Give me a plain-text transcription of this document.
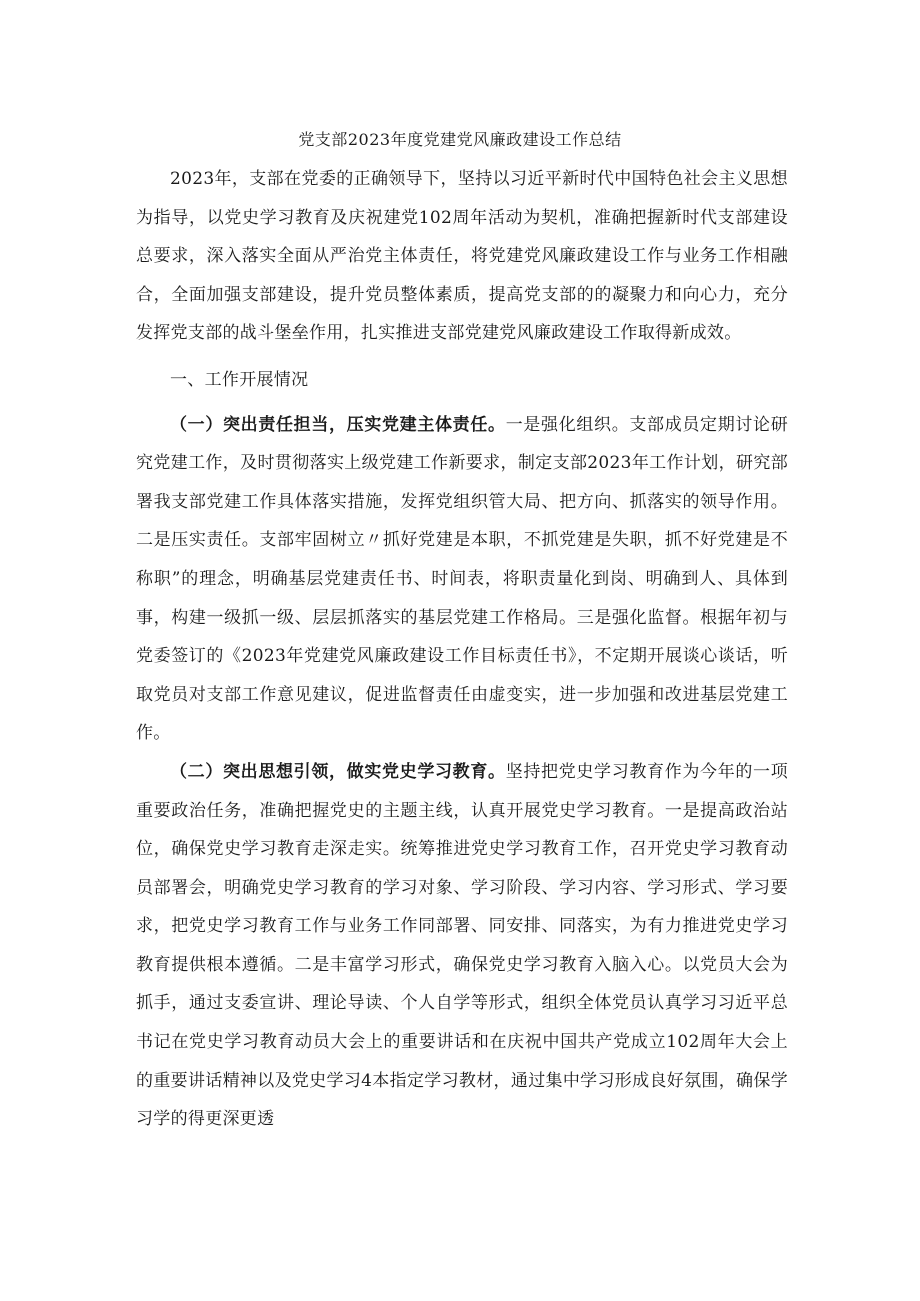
党支部2023年度党建党风廉政建设工作总结

2023年，支部在党委的正确领导下，坚持以习近平新时代中国特色社会主义思想为指导，以党史学习教育及庆祝建党102周年活动为契机，准确把握新时代支部建设总要求，深入落实全面从严治党主体责任，将党建党风廉政建设工作与业务工作相融合，全面加强支部建设，提升党员整体素质，提高党支部的的凝聚力和向心力，充分发挥党支部的战斗堡垒作用，扎实推进支部党建党风廉政建设工作取得新成效。

一、工作开展情况

（一）突出责任担当，压实党建主体责任。一是强化组织。支部成员定期讨论研究党建工作，及时贯彻落实上级党建工作新要求，制定支部2023年工作计划，研究部署我支部党建工作具体落实措施，发挥党组织管大局、把方向、抓落实的领导作用。二是压实责任。支部牢固树立〃抓好党建是本职，不抓党建是失职，抓不好党建是不称职”的理念，明确基层党建责任书、时间表，将职责量化到岗、明确到人、具体到事，构建一级抓一级、层层抓落实的基层党建工作格局。三是强化监督。根据年初与党委签订的《2023年党建党风廉政建设工作目标责任书》，不定期开展谈心谈话，听取党员对支部工作意见建议，促进监督责任由虚变实，进一步加强和改进基层党建工作。

（二）突出思想引领，做实党史学习教育。坚持把党史学习教育作为今年的一项重要政治任务，准确把握党史的主题主线，认真开展党史学习教育。一是提高政治站位，确保党史学习教育走深走实。统筹推进党史学习教育工作，召开党史学习教育动员部署会，明确党史学习教育的学习对象、学习阶段、学习内容、学习形式、学习要求，把党史学习教育工作与业务工作同部署、同安排、同落实，为有力推进党史学习教育提供根本遵循。二是丰富学习形式，确保党史学习教育入脑入心。以党员大会为抓手，通过支委宣讲、理论导读、个人自学等形式，组织全体党员认真学习习近平总书记在党史学习教育动员大会上的重要讲话和在庆祝中国共产党成立102周年大会上的重要讲话精神以及党史学习4本指定学习教材，通过集中学习形成良好氛围，确保学习学的得更深更透
